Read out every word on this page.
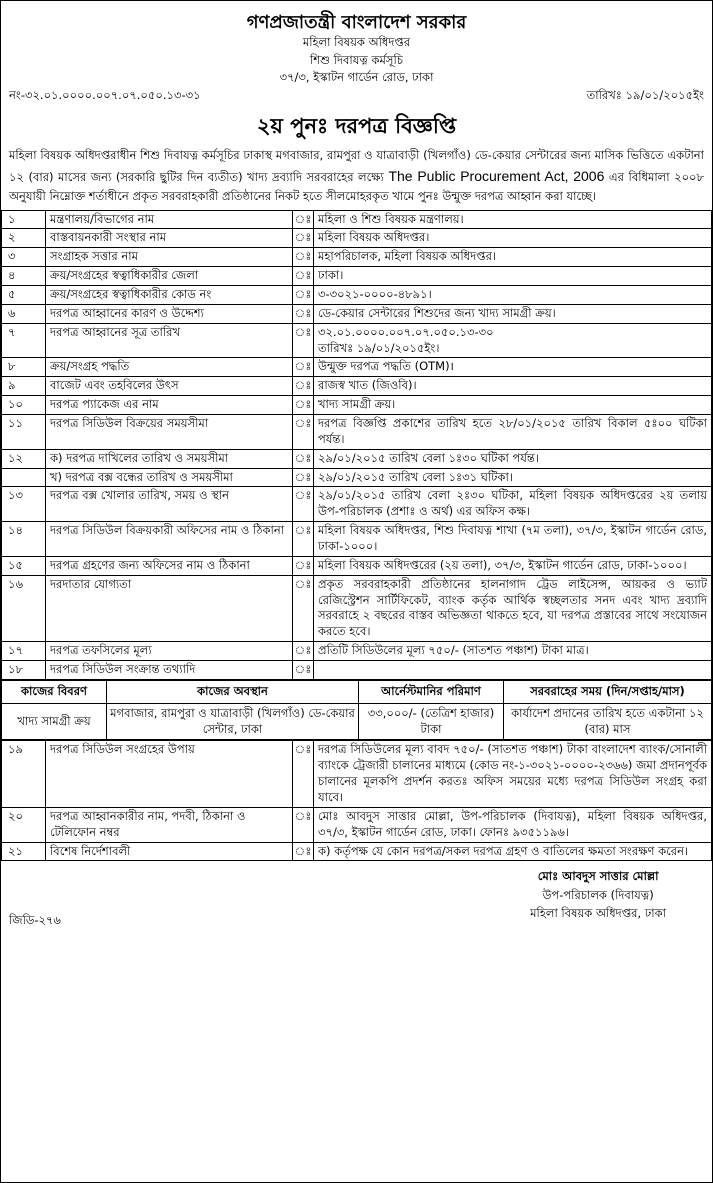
গণপ্রজাতন্ত্রী বাংলাদেশ সরকার
মহিলা বিষয়ক অধিদপ্তর
শিশু দিবাযত্ন কর্মসূচি
৩৭/৩, ইস্কাটন গার্ডেন রোড, ঢাকা
নং-৩২.০১.০০০০.০০৭.০৭.০৫০.১৩-৩১	তারিখঃ ১৯/০১/২০১৫ইং
২য় পুনঃ দরপত্র বিজ্ঞপ্তি
মহিলা বিষয়ক অধিদপ্তরাধীন শিশু দিবাযত্ন কর্মসূচির ঢাকাস্থ মগবাজার, রামপুরা ও যাত্রাবাড়ী (খিলগাঁও) ডে-কেয়ার সেন্টারের জন্য মাসিক ভিত্তিতে একটানা ১২ (বার) মাসের জন্য (সরকারি ছুটির দিন ব্যতীত) খাদ্য দ্রব্যাদি সরবরাহের লক্ষ্যে The Public Procurement Act, 2006 এর বিধিমালা ২০০৮ অনুযায়ী নিম্নোক্ত শর্তাধীনে প্রকৃত সরবরাহকারী প্রতিষ্ঠানের নিকট হতে সীলমোহরকৃত খামে পুনঃ উন্মুক্ত দরপত্র আহ্বান করা যাচ্ছে।
১	মন্ত্রণালয়/বিভাগের নাম	ঃ	মহিলা ও শিশু বিষয়ক মন্ত্রণালয়।
২	বাস্তবায়নকারী সংস্থার নাম	ঃ	মহিলা বিষয়ক অধিদপ্তর।
৩	সংগ্রাহক সত্তার নাম	ঃ	মহাপরিচালক, মহিলা বিষয়ক অধিদপ্তর।
৪	ক্রয়/সংগ্রহের স্বত্বাধিকারীর জেলা	ঃ	ঢাকা।
৫	ক্রয়/সংগ্রহের স্বত্বাধিকারীর কোড নং	ঃ	৩-৩০২১-০০০০-৪৮৯১।
৬	দরপত্র আহ্বানের কারণ ও উদ্দেশ্য	ঃ	ডে-কেয়ার সেন্টারের শিশুদের জন্য খাদ্য সামগ্রী ক্রয়।
৭	দরপত্র আহ্বানের সূত্র তারিখ	ঃ	৩২.০১.০০০০.০০৭.০৭.০৫০.১৩-৩০
তারিখঃ ১৯/০১/২০১৫ইং।

৮	ক্রয়/সংগ্রহ পদ্ধতি	ঃ	উন্মুক্ত দরপত্র পদ্ধতি (OTM)।
৯	বাজেট এবং তহবিলের উৎস	ঃ	রাজস্ব খাত (জিওবি)।
১০	দরপত্র প্যাকেজ এর নাম	ঃ	খাদ্য সামগ্রী ক্রয়।
১১	দরপত্র সিডিউল বিক্রয়ের সময়সীমা	ঃ	দরপত্র বিজ্ঞপ্তি প্রকাশের তারিখ হতে ২৮/০১/২০১৫ তারিখ বিকাল ৫ঃ০০ ঘটিকা পর্যন্ত।
১২	ক) দরপত্র দাখিলের তারিখ ও সময়সীমা	ঃ	২৯/০১/২০১৫ তারিখ বেলা ১ঃ৩০ ঘটিকা পর্যন্ত।
	খ) দরপত্র বক্স বন্ধের তারিখ ও সময়সীমা	ঃ	২৯/০১/২০১৫ তারিখ বেলা ১ঃ৩১ ঘটিকা।
১৩	দরপত্র বক্স খোলার তারিখ, সময় ও স্থান	ঃ	২৯/০১/২০১৫ তারিখ বেলা ২ঃ৩০ ঘটিকা, মহিলা বিষয়ক অধিদপ্তরের ২য় তলায় উপ-পরিচালক (প্রশাঃ ও অর্থ) এর অফিস কক্ষ।
১৪	দরপত্র সিডিউল বিক্রয়কারী অফিসের নাম ও ঠিকানা	ঃ	মহিলা বিষয়ক অধিদপ্তর, শিশু দিবাযত্ন শাখা (৭ম তলা), ৩৭/৩, ইস্কাটন গার্ডেন রোড, ঢাকা-১০০০।
১৫	দরপত্র গ্রহণের জন্য অফিসের নাম ও ঠিকানা	ঃ	মহিলা বিষয়ক অধিদপ্তরের (২য় তলা), ৩৭/৩, ইস্কাটন গার্ডেন রোড, ঢাকা-১০০০।
১৬	দরদাতার যোগ্যতা	ঃ	প্রকৃত সরবরাহকারী প্রতিষ্ঠানের হালনাগাদ ট্রেড লাইসেন্স, আয়কর ও ভ্যাট রেজিস্ট্রেশন সার্টিফিকেট, ব্যাংক কর্তৃক আর্থিক স্বচ্ছলতার সনদ এবং খাদ্য দ্রব্যাদি সরবরাহে ২ বছরের বাস্তব অভিজ্ঞতা থাকতে হবে, যা দরপত্র প্রস্তাবের সাথে সংযোজন করতে হবে।
১৭	দরপত্র তফসিলের মূল্য	ঃ	প্রতিটি সিডিউলের মূল্য ৭৫০/- (সাতশত পঞ্চাশ) টাকা মাত্র।
১৮	দরপত্র সিডিউল সংক্রান্ত তথ্যাদি	ঃ	
কাজের বিবরণ	কাজের অবস্থান	আর্নেস্টমানির পরিমাণ	সরবরাহের সময় (দিন/সপ্তাহ/মাস)
খাদ্য সামগ্রী ক্রয়	মগবাজার, রামপুরা ও যাত্রাবাড়ী (খিলগাঁও) ডে-কেয়ার সেন্টার, ঢাকা	৩৩,০০০/- (তেত্রিশ হাজার) টাকা	কার্যাদেশ প্রদানের তারিখ হতে একটানা ১২ (বার) মাস
১৯	দরপত্র সিডিউল সংগ্রহের উপায়	ঃ	দরপত্র সিডিউলের মূল্য বাবদ ৭৫০/- (সাতশত পঞ্চাশ) টাকা বাংলাদেশ ব্যাংক/সোনালী ব্যাংকে ট্রেজারী চালানের মাধ্যমে (কোড নং-১-৩০২১-০০০০-২৩৬৬) জমা প্রদানপূর্বক চালানের মূলকপি প্রদর্শন করতঃ অফিস সময়ের মধ্যে দরপত্র সিডিউল সংগ্রহ করা যাবে।
২০	দরপত্র আহ্বানকারীর নাম, পদবী, ঠিকানা ও টেলিফোন নম্বর	ঃ	মোঃ আবদুস সাত্তার মোল্লা, উপ-পরিচালক (দিবাযত্ন), মহিলা বিষয়ক অধিদপ্তর, ৩৭/৩, ইস্কাটন গার্ডেন রোড, ঢাকা। ফোনঃ ৯৩৫১১৯৬।
২১	বিশেষ নির্দেশাবলী	ঃ	ক) কর্তৃপক্ষ যে কোন দরপত্র/সকল দরপত্র গ্রহণ ও বাতিলের ক্ষমতা সংরক্ষণ করেন।
মোঃ আবদুস সাত্তার মোল্লা
উপ-পরিচালক (দিবাযত্ন)
মহিলা বিষয়ক অধিদপ্তর, ঢাকা
জিডি-২৭৬
